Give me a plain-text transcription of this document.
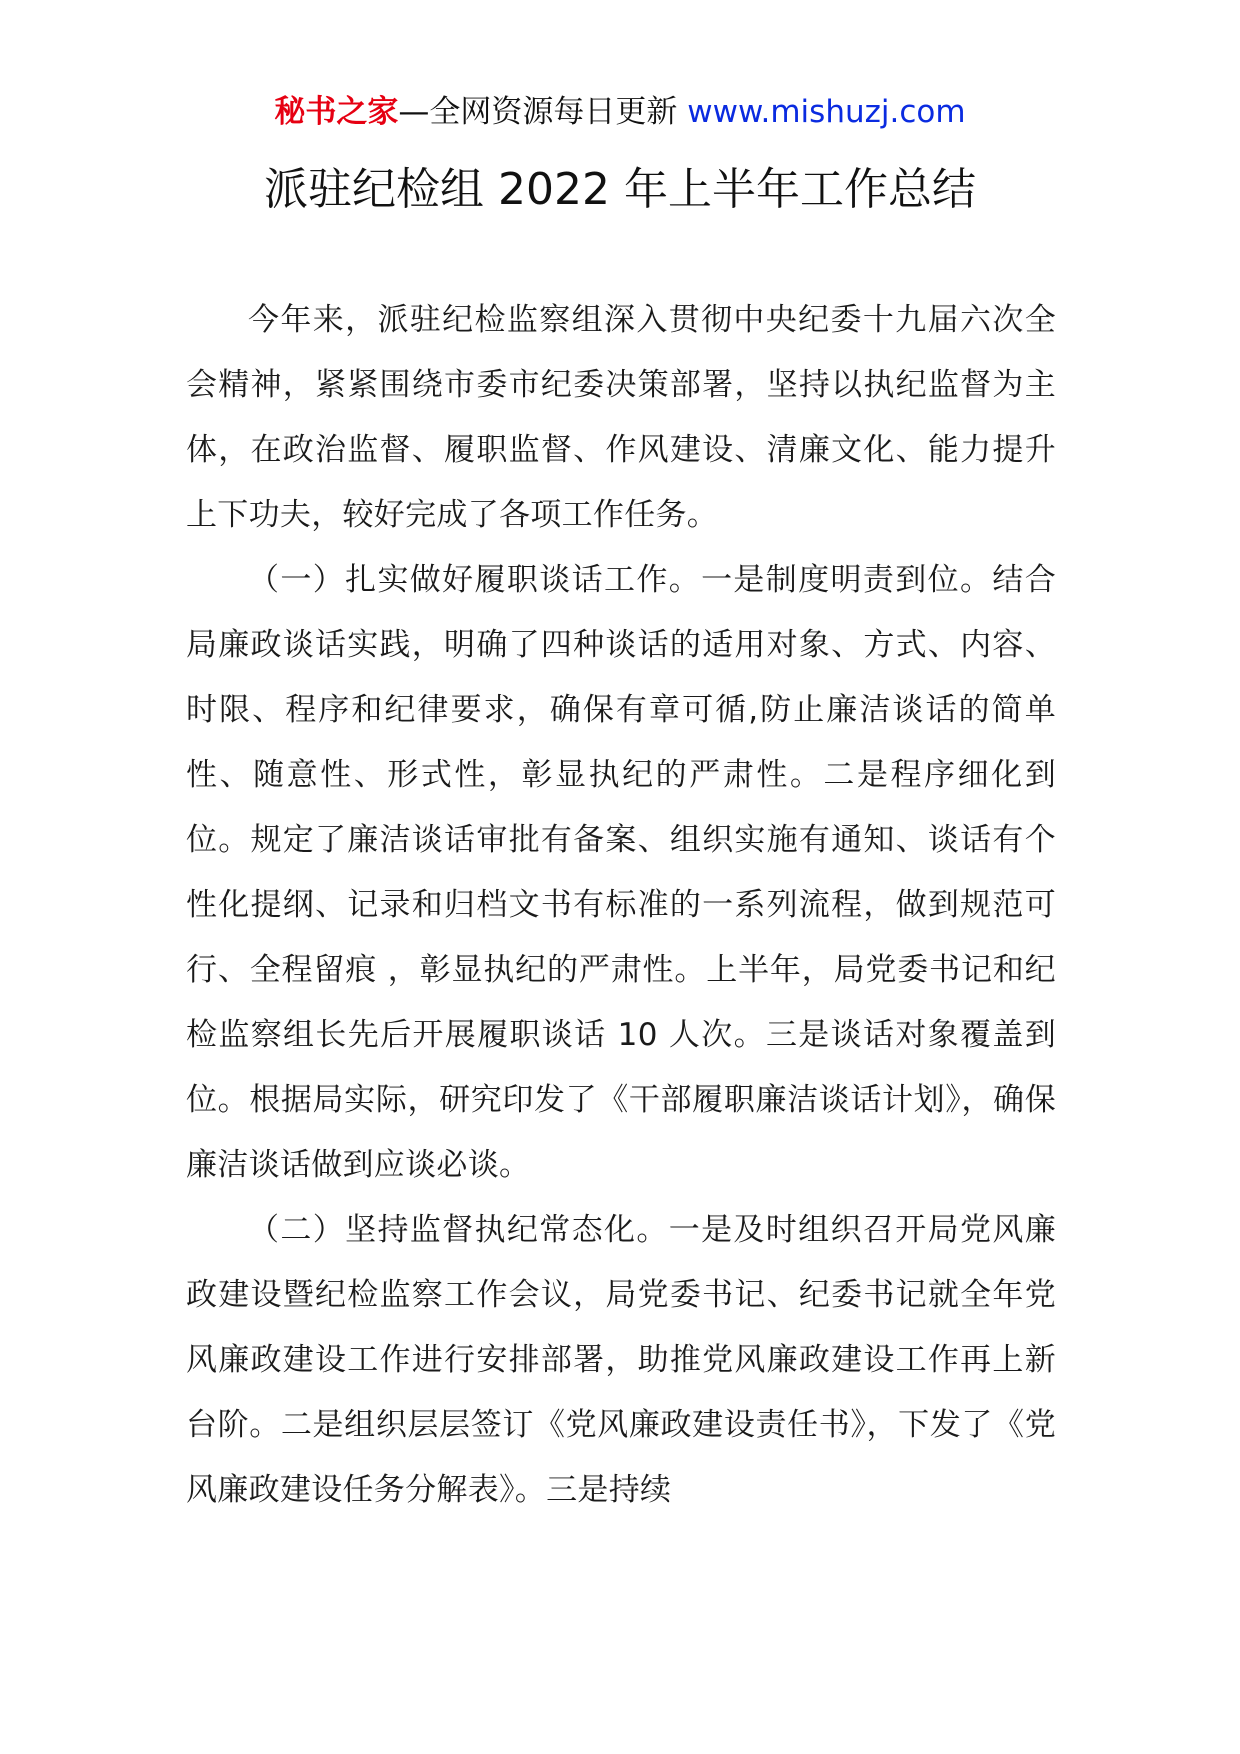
秘书之家—全网资源每日更新 www.mishuzj.com
派驻纪检组 2022 年上半年工作总结

今年来，派驻纪检监察组深入贯彻中央纪委十九届六次全会精神，紧紧围绕市委市纪委决策部署，坚持以执纪监督为主体，在政治监督、履职监督、作风建设、清廉文化、能力提升上下功夫，较好完成了各项工作任务。

（一）扎实做好履职谈话工作。一是制度明责到位。结合局廉政谈话实践，明确了四种谈话的适用对象、方式、内容、时限、程序和纪律要求，确保有章可循,防止廉洁谈话的简单性、随意性、形式性，彰显执纪的严肃性。二是程序细化到位。规定了廉洁谈话审批有备案、组织实施有通知、谈话有个性化提纲、记录和归档文书有标准的一系列流程，做到规范可行、全程留痕 ，彰显执纪的严肃性。上半年，局党委书记和纪检监察组长先后开展履职谈话 10 人次。三是谈话对象覆盖到位。根据局实际，研究印发了《干部履职廉洁谈话计划》，确保廉洁谈话做到应谈必谈。

（二）坚持监督执纪常态化。一是及时组织召开局党风廉政建设暨纪检监察工作会议，局党委书记、纪委书记就全年党风廉政建设工作进行安排部署，助推党风廉政建设工作再上新台阶。二是组织层层签订《党风廉政建设责任书》，下发了《党风廉政建设任务分解表》。三是持续
